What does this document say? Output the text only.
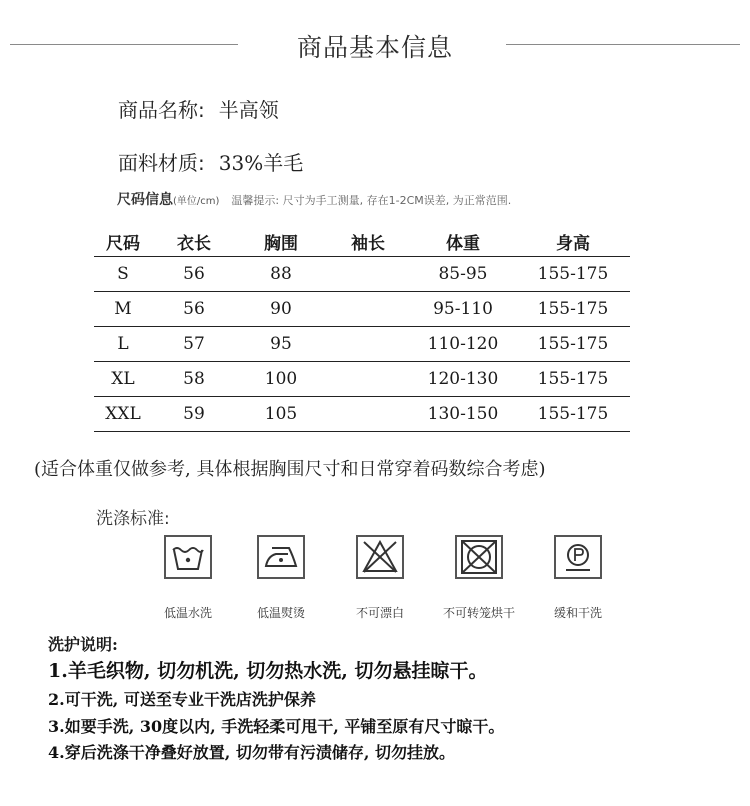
商品基本信息
商品名称: 半高领
面料材质: 33%羊毛
尺码信息(单位/cm) 温馨提示: 尺寸为手工测量, 存在1-2CM误差, 为正常范围.
尺码	衣长	胸围	袖长	体重	身高
S	56	88		85-95	155-175
M	56	90		95-110	155-175
L	57	95		110-120	155-175
XL	58	100		120-130	155-175
XXL	59	105		130-150	155-175
(适合体重仅做参考, 具体根据胸围尺寸和日常穿着码数综合考虑)
洗涤标准:
低温水洗	低温熨烫	不可漂白	不可转笼烘干	缓和干洗
洗护说明:
1.羊毛织物, 切勿机洗, 切勿热水洗, 切勿悬挂晾干。
2.可干洗, 可送至专业干洗店洗护保养
3.如要手洗, 30度以内, 手洗轻柔可甩干, 平铺至原有尺寸晾干。
4.穿后洗涤干净叠好放置, 切勿带有污渍储存, 切勿挂放。
